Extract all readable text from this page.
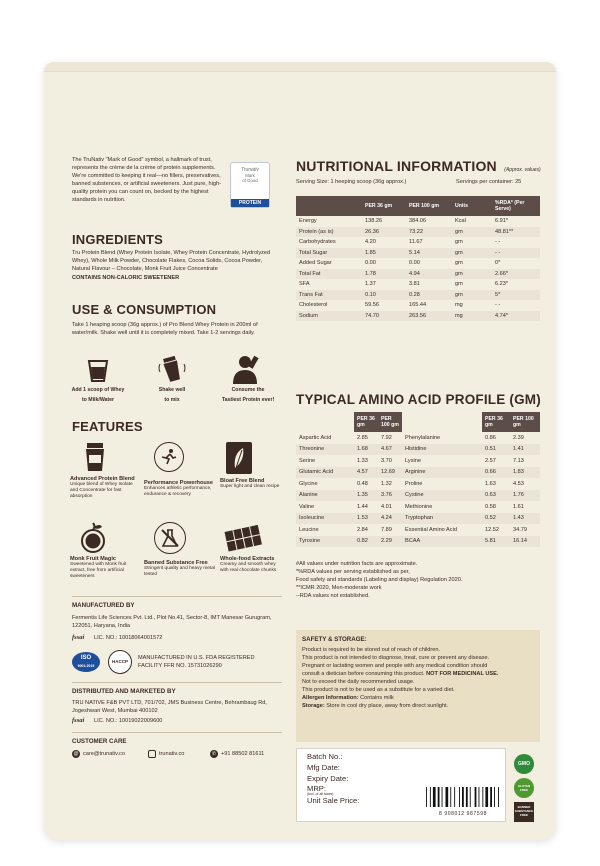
The TruNativ "Mark of Good" symbol, a hallmark of trust, represents the crème de la crème of protein supplements. We're committed to keeping it real—no fillers, preservatives, banned substences, or artificial sweeteners. Just pure, high-quality protein you can count on, becked by the highest standards in nutrition.
Trunativ
Mark
of Good
PROTEIN
INGREDIENTS
Tru Protein Blend (Whey Protein Isolate, Whey Protein Concentrate, Hydrolyzed Whey), Whole Milk Powder, Chocolate Flakes, Cocoa Solids, Cocoa Powder, Natural Flavour – Chocolate, Monk Fruit Juice Concentrate
CONTAINS NON-CALORIC SWEETENER
USE & CONSUMPTION
Take 1 heaping scoop (36g approx.) of Pro Blend Whey Protein in 200ml of water/milk. Shake well until it is completely mixed. Take 1-2 servings daily.
Add 1 scoop of Whey
to Milk/Water
Shake well
to mix
Consume the
Tastiest Protein ever!
FEATURES
Advanced Protein Blend
Unique blend of Whey Isolate and Concentrate for fast absorption
Performance Powerhouse
Enhances athletic performance, endurance & recovery
Bloat Free Blend
Super light and clean recipe
Monk Fruit Magic
Sweetened with Monk fruit extract, free from artificial sweeteners
Banned Substance Free
Stringent quality and heavy metal tested
Whole-food Extracts
Creamy and smooth whey with real chocolate chunks
MANUFACTURED BY
Fermentis Life Sciences Pvt. Ltd., Plot No.41, Sector-8, IMT Manesar Gurugram, 122051, Haryana, India
fssai LIC. NO.: 10018064001572
ISO
9001:2015
HACCP
MANUFACTURED IN U.S. FDA REGISTERED
FACILITY FFR NO. 15731026290
DISTRIBUTED AND MARKETED BY
TRU NATIVE F&B PVT LTD, 701/702, JMS Business Centre, Behrambaug Rd, Jogeshwari West, Mumbai 400102
fssai LIC. NO.: 10019022009600
CUSTOMER CARE
@ care@trunativ.co	trunativ.co	✆ +91 88502 81611
NUTRITIONAL INFORMATION (Approx. values)
Serving Size: 1 heeping scoop (36g approx.)	Servings per container: 25
	PER 36 gm	PER 100 gm	Units	%RDA* (Per Serve)
Energy	138.26	384.06	Kcal	6.91*
Protein (as is)	26.36	73.22	gm	48.81**
Carbohydrates	4.20	11.67	gm	- -
Total Sugar	1.85	5.14	gm	- -
Added Sugar	0.00	0.00	gm	0*
Total Fat	1.78	4.94	gm	2.66*
SFA	1.37	3.81	gm	6.23*
Trans Fat	0.10	0.28	gm	5*
Cholesterol	59.56	165.44	mg	- -
Sodium	74.70	263.56	mg	4.74*
TYPICAL AMINO ACID PROFILE (GM)
	PER 36 gm	PER 100 gm		PER 36 gm	PER 100 gm
Aspartic Acid	2.85	7.92	Phenylalanine	0.86	2.39
Threonine	1.68	4.67	Histidine	0.51	1.41
Serine	1.33	3.70	Lysine	2.57	7.13
Glutamic Acid	4.57	12.69	Arginine	0.66	1.83
Glycine	0.48	1.32	Proline	1.63	4.53
Alanine	1.35	3.76	Cystine	0.63	1.76
Valine	1.44	4.01	Methionine	0.58	1.61
Isoleucine	1.53	4.24	Tryptophan	0.52	1.43
Leucine	2.84	7.89	Essential Amino Acid	12.52	34.79
Tyrosine	0.82	2.29	BCAA	5.81	16.14
#All values under nutrition facts are approximate.
*%RDA values per serving established as per,
Food safety and standards (Labeling and display) Regulation 2020.
**ICMR 2020, Men-moderate work
--RDA values not established.
SAFETY & STORAGE:
Product is required to be stored out of reach of children.
This product is not intended to diagnose, treat, cure or prevent any disease.
Pregnant or lactating women and people with any medical condition should
consult a dietician before consuming this product. NOT FOR MEDICINAL USE.
Not to exceed the daily recommended usage.
This product is not to be used as a substitute for a varied diet.
Allergen Information: Contains milk
Storage: Store in cool dry place, away from direct sunlight.
Batch No.:
Mfg Date:
Expiry Date:
MRP:
(Incl. of all taxes)
Unit Sale Price:
8 908012 987598
GMO
GLUTEN FREE
BANNED SUBSTANCE FREE
